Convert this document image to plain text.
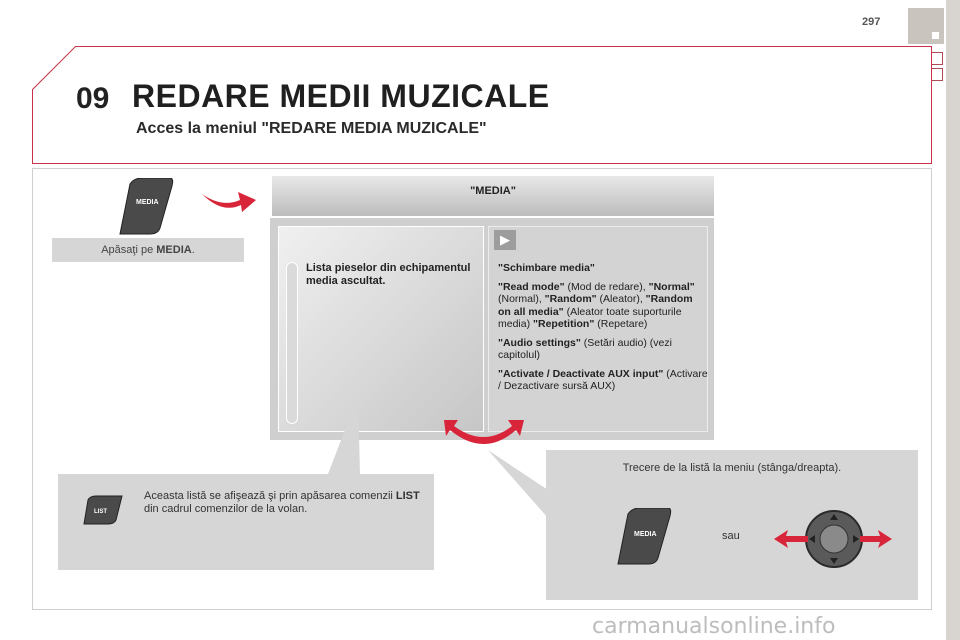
297
09 REDARE MEDII MUZICALE
Acces la meniul "REDARE MEDIA MUZICALE"
MEDIA
Apăsaţi pe MEDIA.
"MEDIA"
Lista pieselor din echipamentul media ascultat.
▶

"Schimbare media"

"Read mode" (Mod de redare), "Normal" (Normal), "Random" (Aleator), "Random on all media" (Aleator toate suporturile media) "Repetition" (Repetare)

"Audio settings" (Setări audio) (vezi capitolul)

"Activate / Deactivate AUX input" (Activare / Dezactivare sursă AUX)

LIST
Aceasta listă se afişează şi prin apăsarea comenzii LIST din cadrul comenzilor de la volan.
Trecere de la listă la meniu (stânga/dreapta).
MEDIA	sau
carmanualsonline.info
